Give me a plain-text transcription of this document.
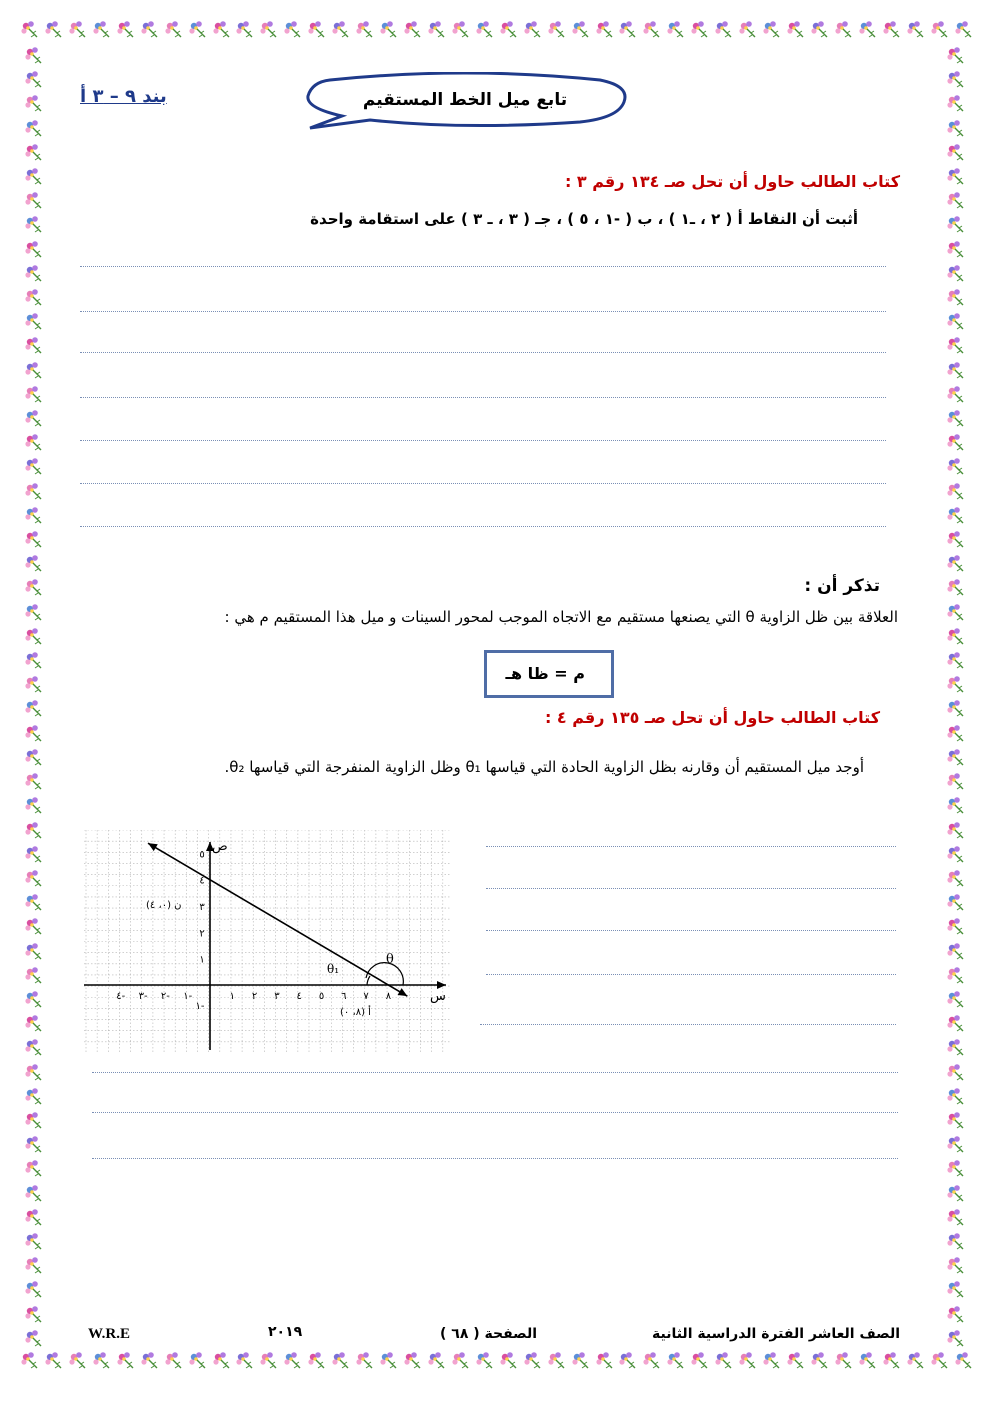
بند ٩ – ٣ أ	تابع ميل الخط المستقيم
كتاب الطالب حاول أن تحل صـ ١٣٤ رقم ٣ :
أثبت أن النقاط أ ( ٢ ، ـ١ ) ، ب ( -١ ، ٥ ) ، جـ ( ٣ ، ـ ٣ ) على استقامة واحدة
تذكر أن :
العلاقة بين ظل الزاوية θ التي يصنعها مستقيم مع الاتجاه الموجب لمحور السينات و ميل هذا المستقيم م هي :
م = ظا هـ
كتاب الطالب حاول أن تحل صـ ١٣٥ رقم ٤ :
أوجد ميل المستقيم أن وقارنه بظل الزاوية الحادة التي قياسها θ₁ وظل الزاوية المنفرجة التي قياسها θ₂.
١ ٢ ٣ ٤ ٥ ٦ ٧ ٨
١-
٢-
٣-
٤-
١
٢
٣
٤
٥
١-
س
ص
ن (٠، ٤)
أ (٨، ٠)
θ₁
θ
الصف العاشر الفترة الدراسية الثانية
الصفحة ( ٦٨ )
٢٠١٩
W.R.E
